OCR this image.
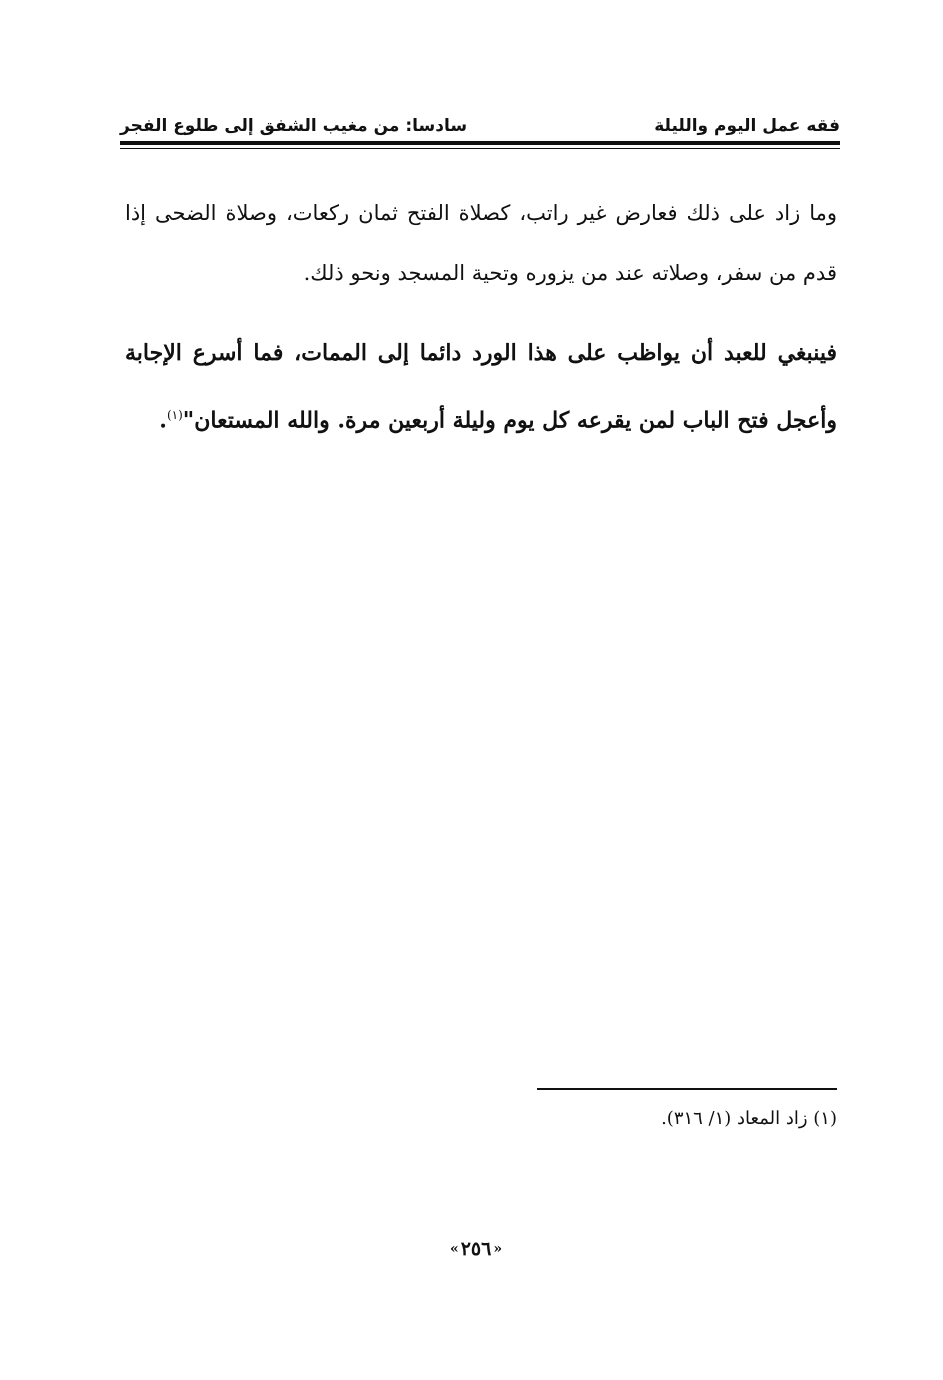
فقه عمل اليوم والليلة
سادسا: من مغيب الشفق إلى طلوع الفجر

وما زاد على ذلك فعارض غير راتب، كصلاة الفتح ثمان ركعات، وصلاة الضحى إذا قدم من سفر، وصلاته عند من يزوره وتحية المسجد ونحو ذلك.

فينبغي للعبد أن يواظب على هذا الورد دائما إلى الممات، فما أسرع الإجابة وأعجل فتح الباب لمن يقرعه كل يوم وليلة أربعين مرة. والله المستعان"$^{(١)}$.

(١) زاد المعاد (١/ ٣١٦).
« ٢٥٦ »
